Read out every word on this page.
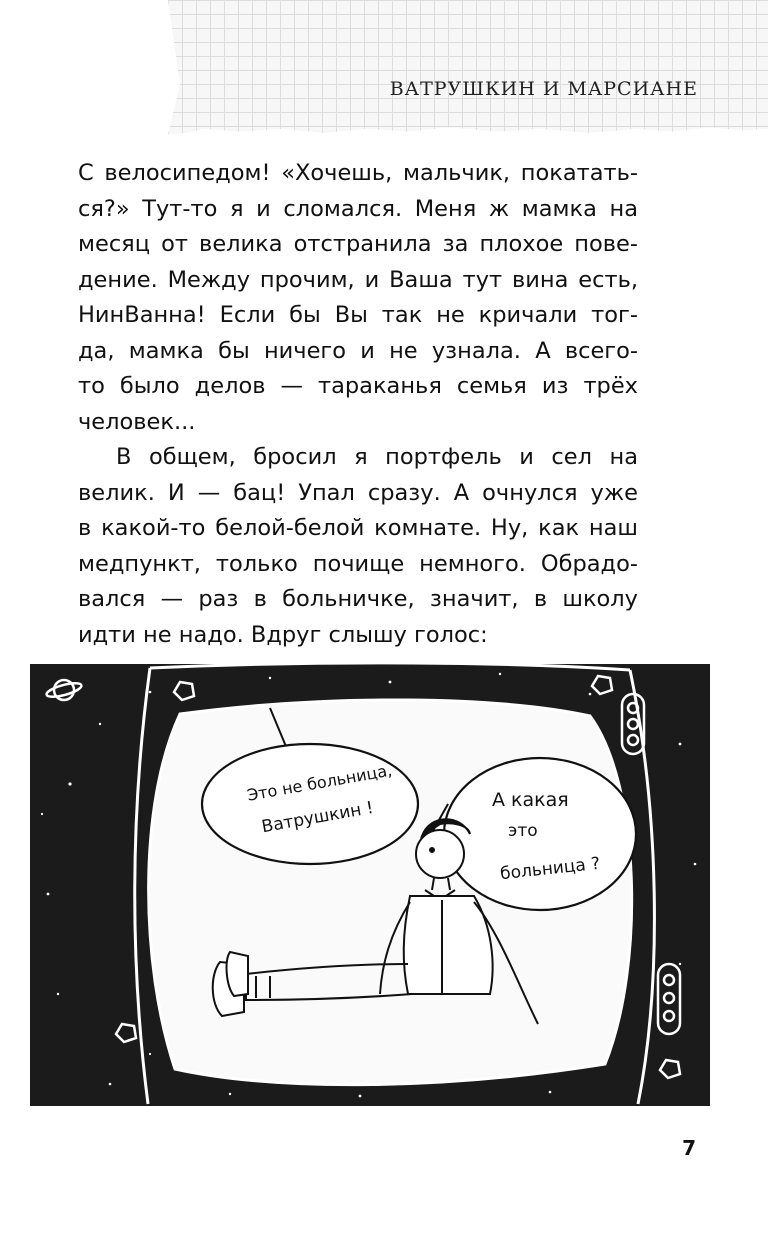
ВАТРУШКИН И МАРСИАНЕ

С велосипедом! «Хочешь, мальчик, покатать-
ся?» Тут-то я и сломался. Меня ж мамка на
месяц от велика отстранила за плохое пове-
дение. Между прочим, и Ваша тут вина есть,
НинВанна! Если бы Вы так не кричали тог-
да, мамка бы ничего и не узнала. А всего-
то было делов — тараканья семья из трёх
человек...

В общем, бросил я портфель и сел на
велик. И — бац! Упал сразу. А очнулся уже
в какой-то белой-белой комнате. Ну, как наш
медпункт, только почище немного. Обрадо-
вался — раз в больничке, значит, в школу
идти не надо. Вдруг слышу голос:

Это не больница,
Ватрушкин !	А какая
это
больница ?
7
